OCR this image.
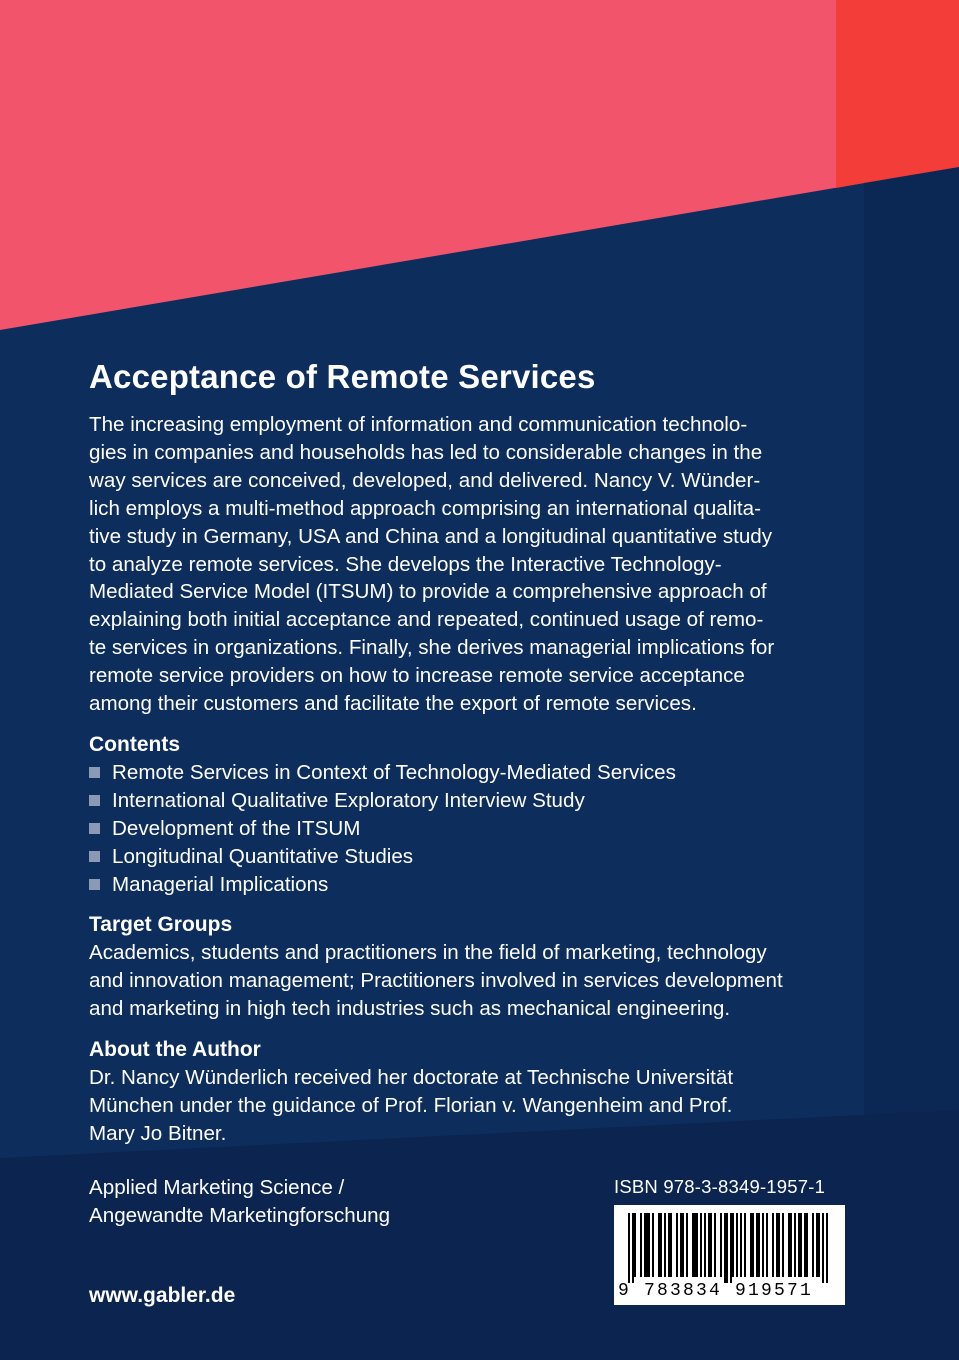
Acceptance of Remote Services
The increasing employment of information and communication technolo-
gies in companies and households has led to considerable changes in the
way services are conceived, developed, and delivered. Nancy V. Wünder-
lich employs a multi-method approach comprising an international qualita-
tive study in Germany, USA and China and a longitudinal quantitative study
to analyze remote services. She develops the Interactive Technology-
Mediated Service Model (ITSUM) to provide a comprehensive approach of
explaining both initial acceptance and repeated, continued usage of remo-
te services in organizations. Finally, she derives managerial implications for
remote service providers on how to increase remote service acceptance
among their customers and facilitate the export of remote services.
Contents
Remote Services in Context of Technology-Mediated Services
International Qualitative Exploratory Interview Study
Development of the ITSUM
Longitudinal Quantitative Studies
Managerial Implications
Target Groups
Academics, students and practitioners in the field of marketing, technology
and innovation management; Practitioners involved in services development
and marketing in high tech industries such as mechanical engineering.
About the Author
Dr. Nancy Wünderlich received her doctorate at Technische Universität
München under the guidance of Prof. Florian v. Wangenheim and Prof.
Mary Jo Bitner.
Applied Marketing Science /
Angewandte Marketingforschung
www.gabler.de
ISBN 978-3-8349-1957-1
9 783834 919571
